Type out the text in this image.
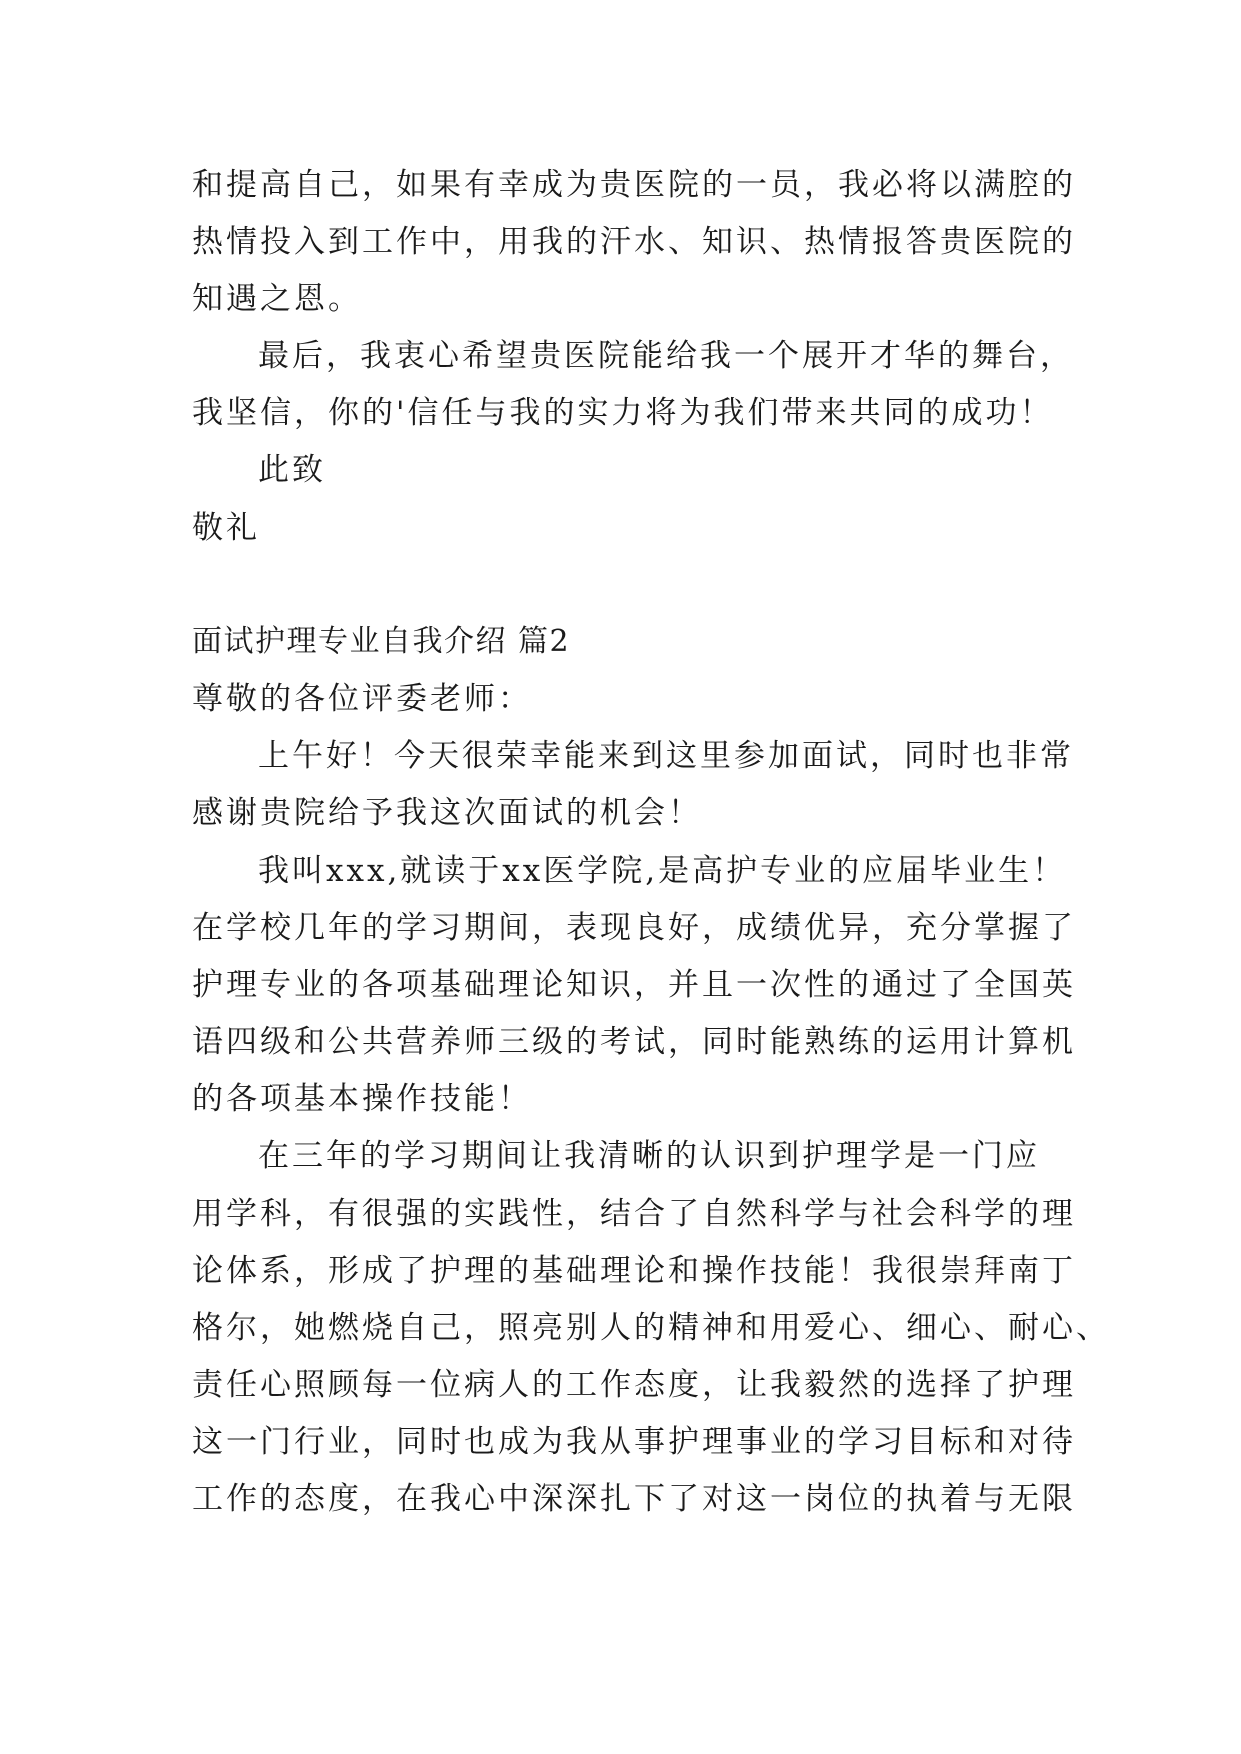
和提高自己，如果有幸成为贵医院的一员，我必将以满腔的
热情投入到工作中，用我的汗水、知识、热情报答贵医院的
知遇之恩。
最后，我衷心希望贵医院能给我一个展开才华的舞台，
我坚信，你的'信任与我的实力将为我们带来共同的成功！
此致
敬礼
面试护理专业自我介绍 篇2
尊敬的各位评委老师：
上午好！今天很荣幸能来到这里参加面试，同时也非常
感谢贵院给予我这次面试的机会！
我叫xxx,就读于xx医学院,是高护专业的应届毕业生！
在学校几年的学习期间，表现良好，成绩优异，充分掌握了
护理专业的各项基础理论知识，并且一次性的通过了全国英
语四级和公共营养师三级的考试，同时能熟练的运用计算机
的各项基本操作技能！
在三年的学习期间让我清晰的认识到护理学是一门应
用学科，有很强的实践性，结合了自然科学与社会科学的理
论体系，形成了护理的基础理论和操作技能！我很崇拜南丁
格尔，她燃烧自己，照亮别人的精神和用爱心、细心、耐心、
责任心照顾每一位病人的工作态度，让我毅然的选择了护理
这一门行业，同时也成为我从事护理事业的学习目标和对待
工作的态度，在我心中深深扎下了对这一岗位的执着与无限
